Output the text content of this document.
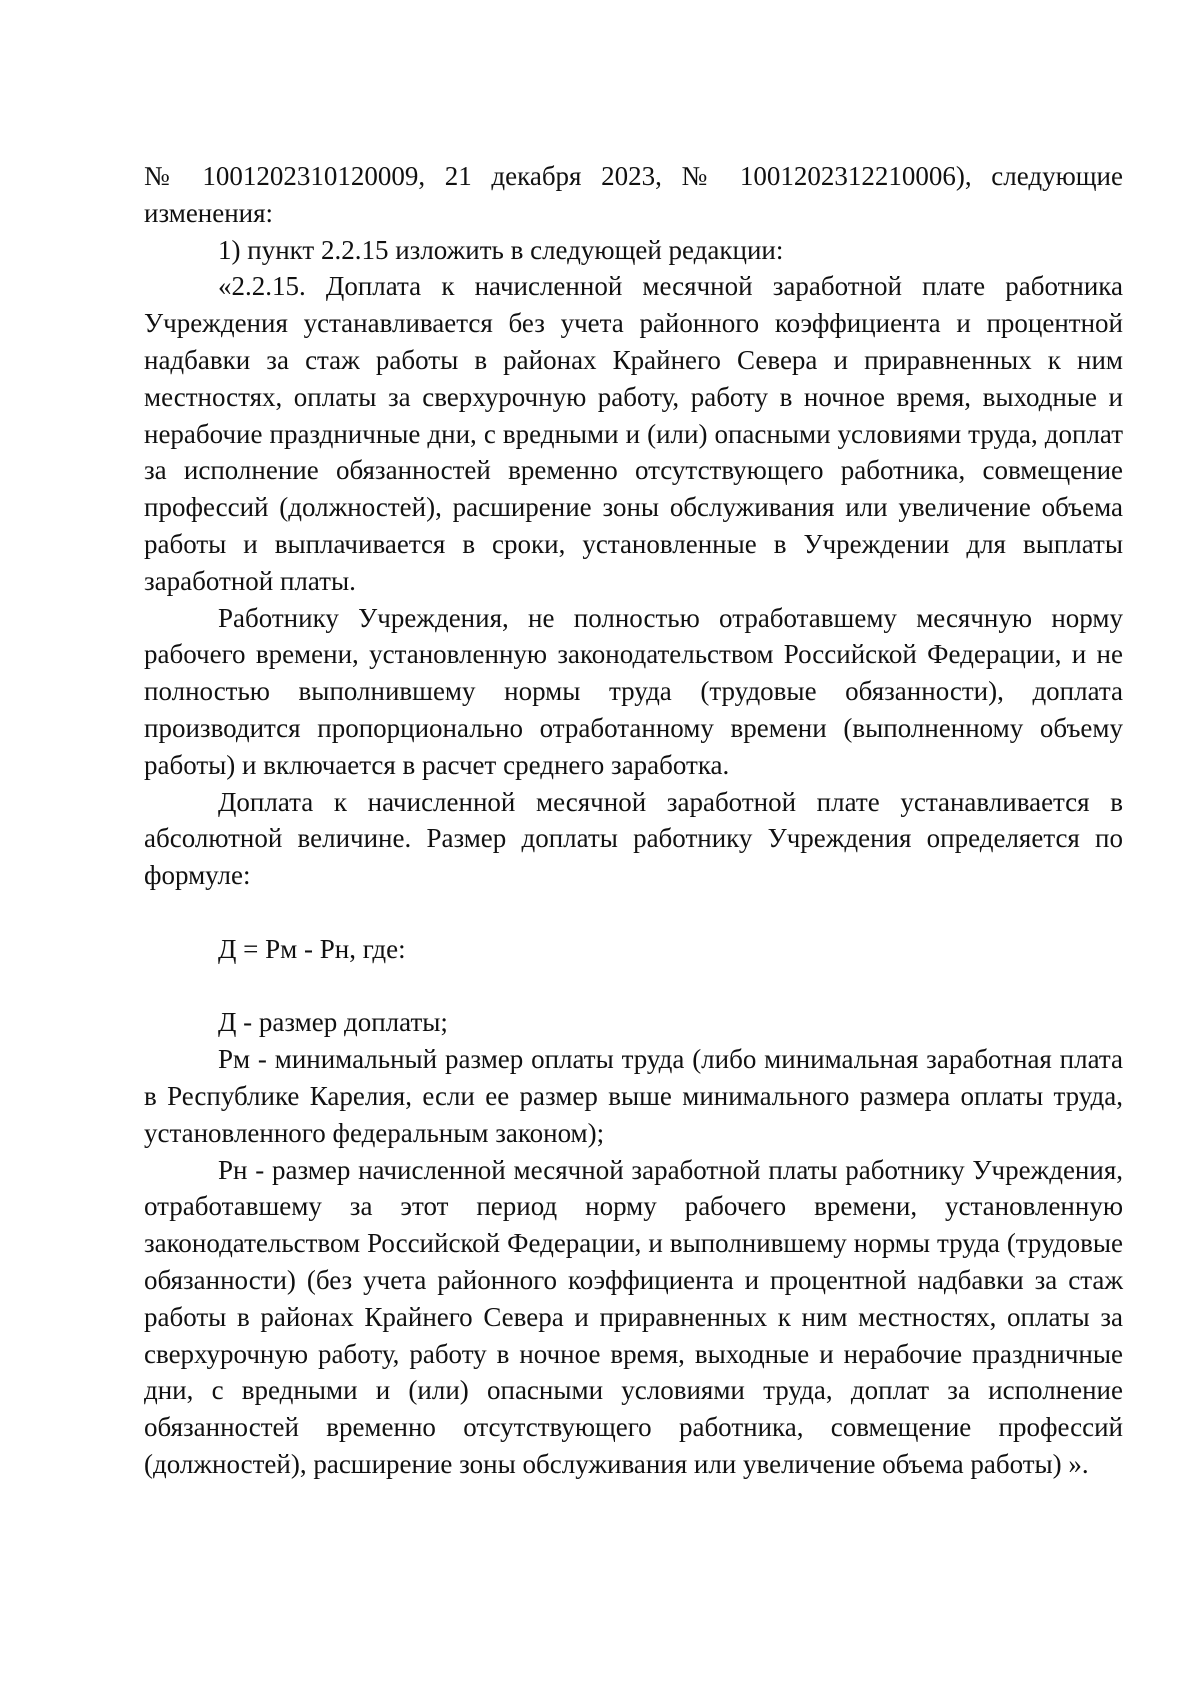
№ 1001202310120009, 21 декабря 2023, № 1001202312210006), следующие изменения:

1) пункт 2.2.15 изложить в следующей редакции:

«2.2.15. Доплата к начисленной месячной заработной плате работника Учреждения устанавливается без учета районного коэффициента и процентной надбавки за стаж работы в районах Крайнего Севера и приравненных к ним местностях, оплаты за сверхурочную работу, работу в ночное время, выходные и нерабочие праздничные дни, с вредными и (или) опасными условиями труда, доплат за исполнение обязанностей временно отсутствующего работника, совмещение профессий (должностей), расширение зоны обслуживания или увеличение объема работы и выплачивается в сроки, установленные в Учреждении для выплаты заработной платы.

Работнику Учреждения, не полностью отработавшему месячную норму рабочего времени, установленную законодательством Российской Федерации, и не полностью выполнившему нормы труда (трудовые обязанности), доплата производится пропорционально отработанному времени (выполненному объему работы) и включается в расчет среднего заработка.

Доплата к начисленной месячной заработной плате устанавливается в абсолютной величине. Размер доплаты работнику Учреждения определяется по формуле:

Д = Рм - Рн, где:

Д - размер доплаты;

Рм - минимальный размер оплаты труда (либо минимальная заработная плата в Республике Карелия, если ее размер выше минимального размера оплаты труда, установленного федеральным законом);

Рн - размер начисленной месячной заработной платы работнику Учреждения, отработавшему за этот период норму рабочего времени, установленную законодательством Российской Федерации, и выполнившему нормы труда (трудовые обязанности) (без учета районного коэффициента и процентной надбавки за стаж работы в районах Крайнего Севера и приравненных к ним местностях, оплаты за сверхурочную работу, работу в ночное время, выходные и нерабочие праздничные дни, с вредными и (или) опасными условиями труда, доплат за исполнение обязанностей временно отсутствующего работника, совмещение профессий (должностей), расширение зоны обслуживания или увеличение объема работы) ».
